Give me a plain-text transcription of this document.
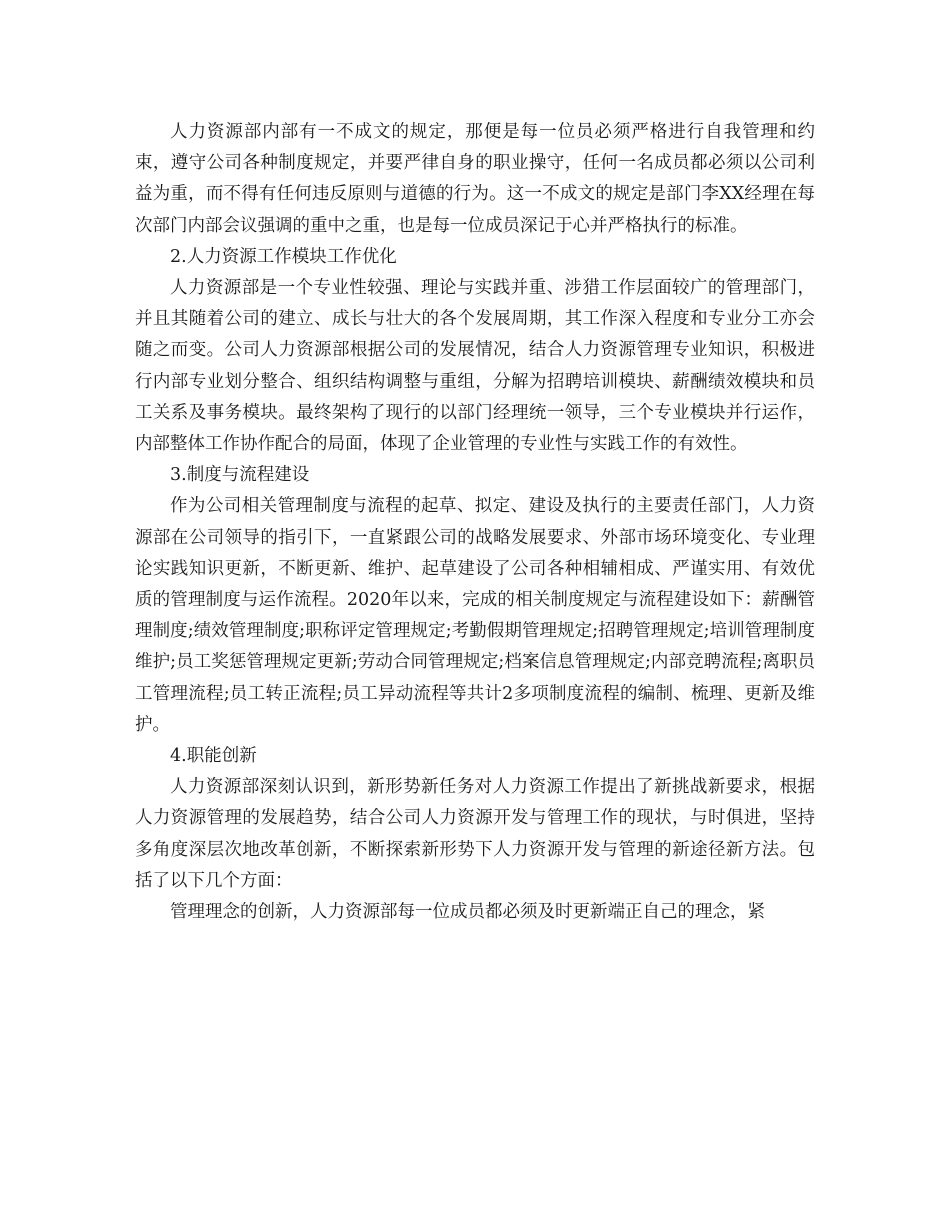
人力资源部内部有一不成文的规定，那便是每一位员必须严格进行自我管理和约束，遵守公司各种制度规定，并要严律自身的职业操守，任何一名成员都必须以公司利益为重，而不得有任何违反原则与道德的行为。这一不成文的规定是部门李XX经理在每次部门内部会议强调的重中之重，也是每一位成员深记于心并严格执行的标准。

2.人力资源工作模块工作优化

人力资源部是一个专业性较强、理论与实践并重、涉猎工作层面较广的管理部门，并且其随着公司的建立、成长与壮大的各个发展周期，其工作深入程度和专业分工亦会随之而变。公司人力资源部根据公司的发展情况，结合人力资源管理专业知识，积极进行内部专业划分整合、组织结构调整与重组，分解为招聘培训模块、薪酬绩效模块和员工关系及事务模块。最终架构了现行的以部门经理统一领导，三个专业模块并行运作，内部整体工作协作配合的局面，体现了企业管理的专业性与实践工作的有效性。

3.制度与流程建设

作为公司相关管理制度与流程的起草、拟定、建设及执行的主要责任部门，人力资源部在公司领导的指引下，一直紧跟公司的战略发展要求、外部市场环境变化、专业理论实践知识更新，不断更新、维护、起草建设了公司各种相辅相成、严谨实用、有效优质的管理制度与运作流程。2020年以来，完成的相关制度规定与流程建设如下：薪酬管理制度;绩效管理制度;职称评定管理规定;考勤假期管理规定;招聘管理规定;培训管理制度维护;员工奖惩管理规定更新;劳动合同管理规定;档案信息管理规定;内部竞聘流程;离职员工管理流程;员工转正流程;员工异动流程等共计2多项制度流程的编制、梳理、更新及维护。

4.职能创新

人力资源部深刻认识到，新形势新任务对人力资源工作提出了新挑战新要求，根据人力资源管理的发展趋势，结合公司人力资源开发与管理工作的现状，与时俱进，坚持多角度深层次地改革创新，不断探索新形势下人力资源开发与管理的新途径新方法。包括了以下几个方面：

管理理念的创新，人力资源部每一位成员都必须及时更新端正自己的理念，紧
